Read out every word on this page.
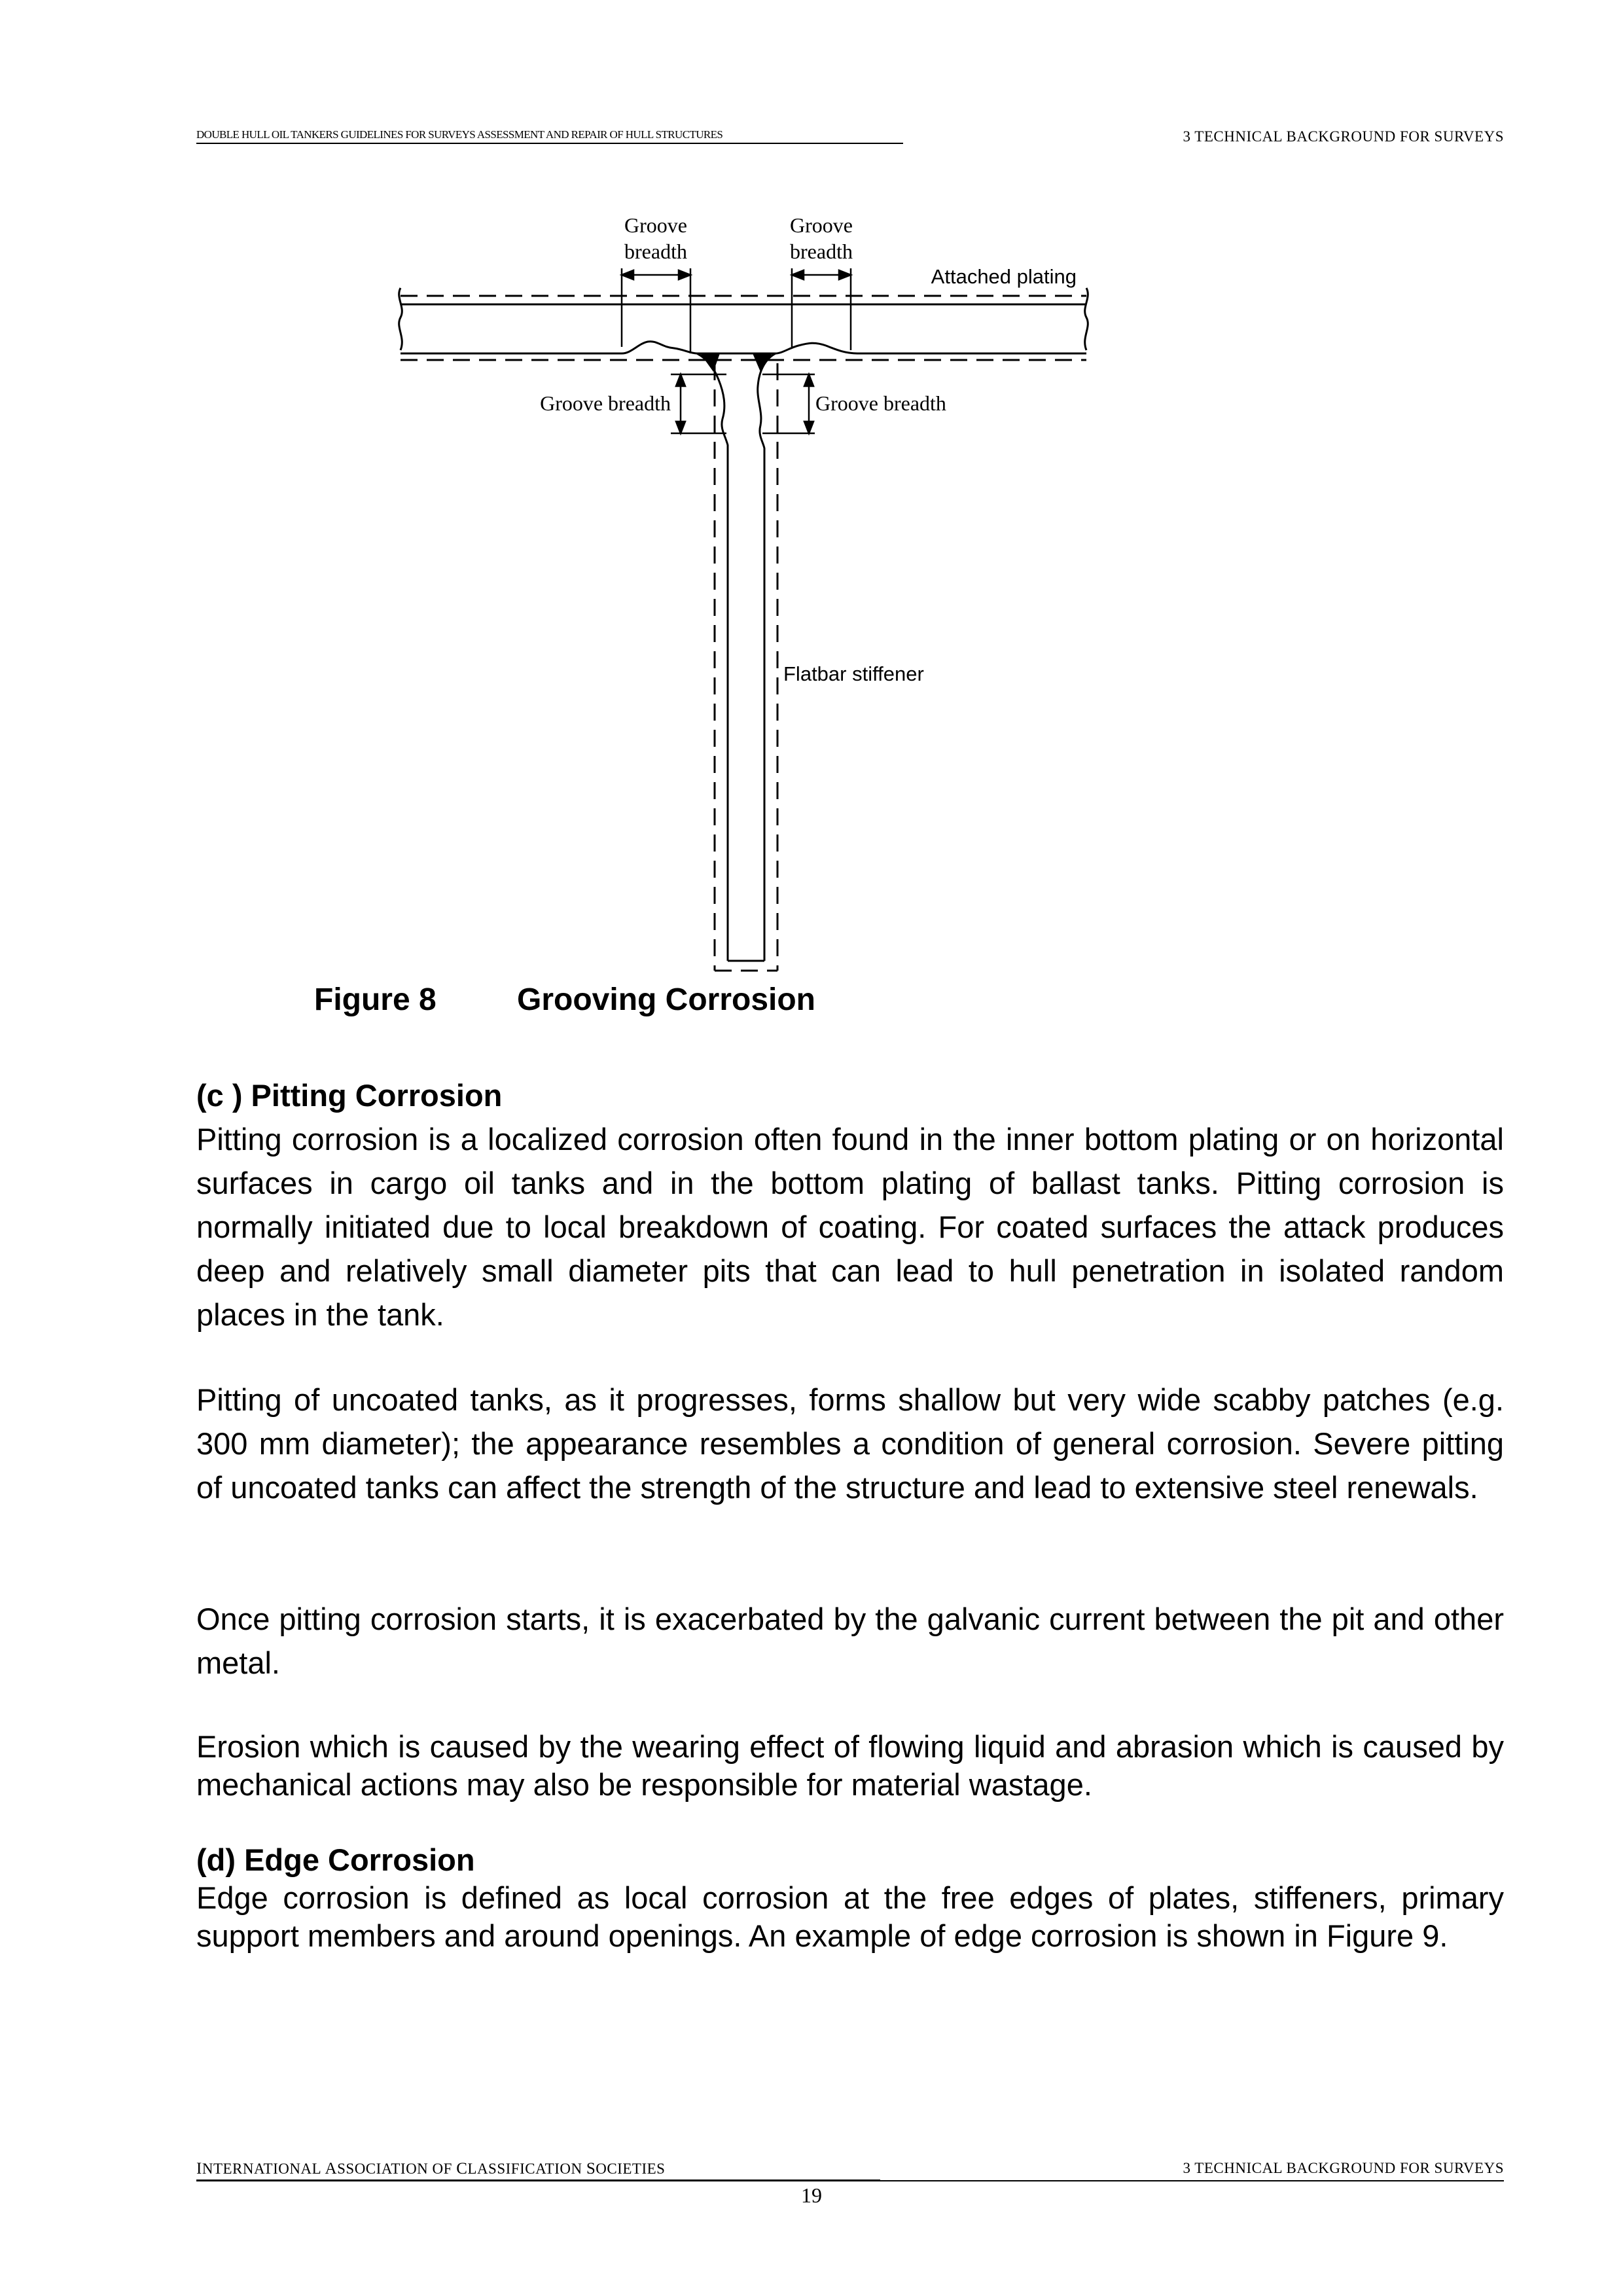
DOUBLE HULL OIL TANKERS GUIDELINES FOR SURVEYS ASSESSMENT AND REPAIR OF HULL STRUCTURES	3 TECHNICAL BACKGROUND FOR SURVEYS
Groove
breadth
Groove
breadth
Groove breadth	Groove breadth
Attached plating
Flatbar stiffener
Figure 8	Grooving Corrosion

(c ) Pitting Corrosion

Pitting corrosion is a localized corrosion often found in the inner bottom plating or on horizontal surfaces in cargo oil tanks and in the bottom plating of ballast tanks. Pitting corrosion is normally initiated due to local breakdown of coating. For coated surfaces the attack produces deep and relatively small diameter pits that can lead to hull penetration in isolated random places in the tank.

Pitting of uncoated tanks, as it progresses, forms shallow but very wide scabby patches (e.g. 300 mm diameter); the appearance resembles a condition of general corrosion. Severe pitting of uncoated tanks can affect the strength of the structure and lead to extensive steel renewals.

Once pitting corrosion starts, it is exacerbated by the galvanic current between the pit and other metal.

Erosion which is caused by the wearing effect of flowing liquid and abrasion which is caused by mechanical actions may also be responsible for material wastage.

(d) Edge Corrosion

Edge corrosion is defined as local corrosion at the free edges of plates, stiffeners, primary support members and around openings. An example of edge corrosion is shown in Figure 9.

INTERNATIONAL ASSOCIATION OF CLASSIFICATION SOCIETIES	3 TECHNICAL BACKGROUND FOR SURVEYS
19
